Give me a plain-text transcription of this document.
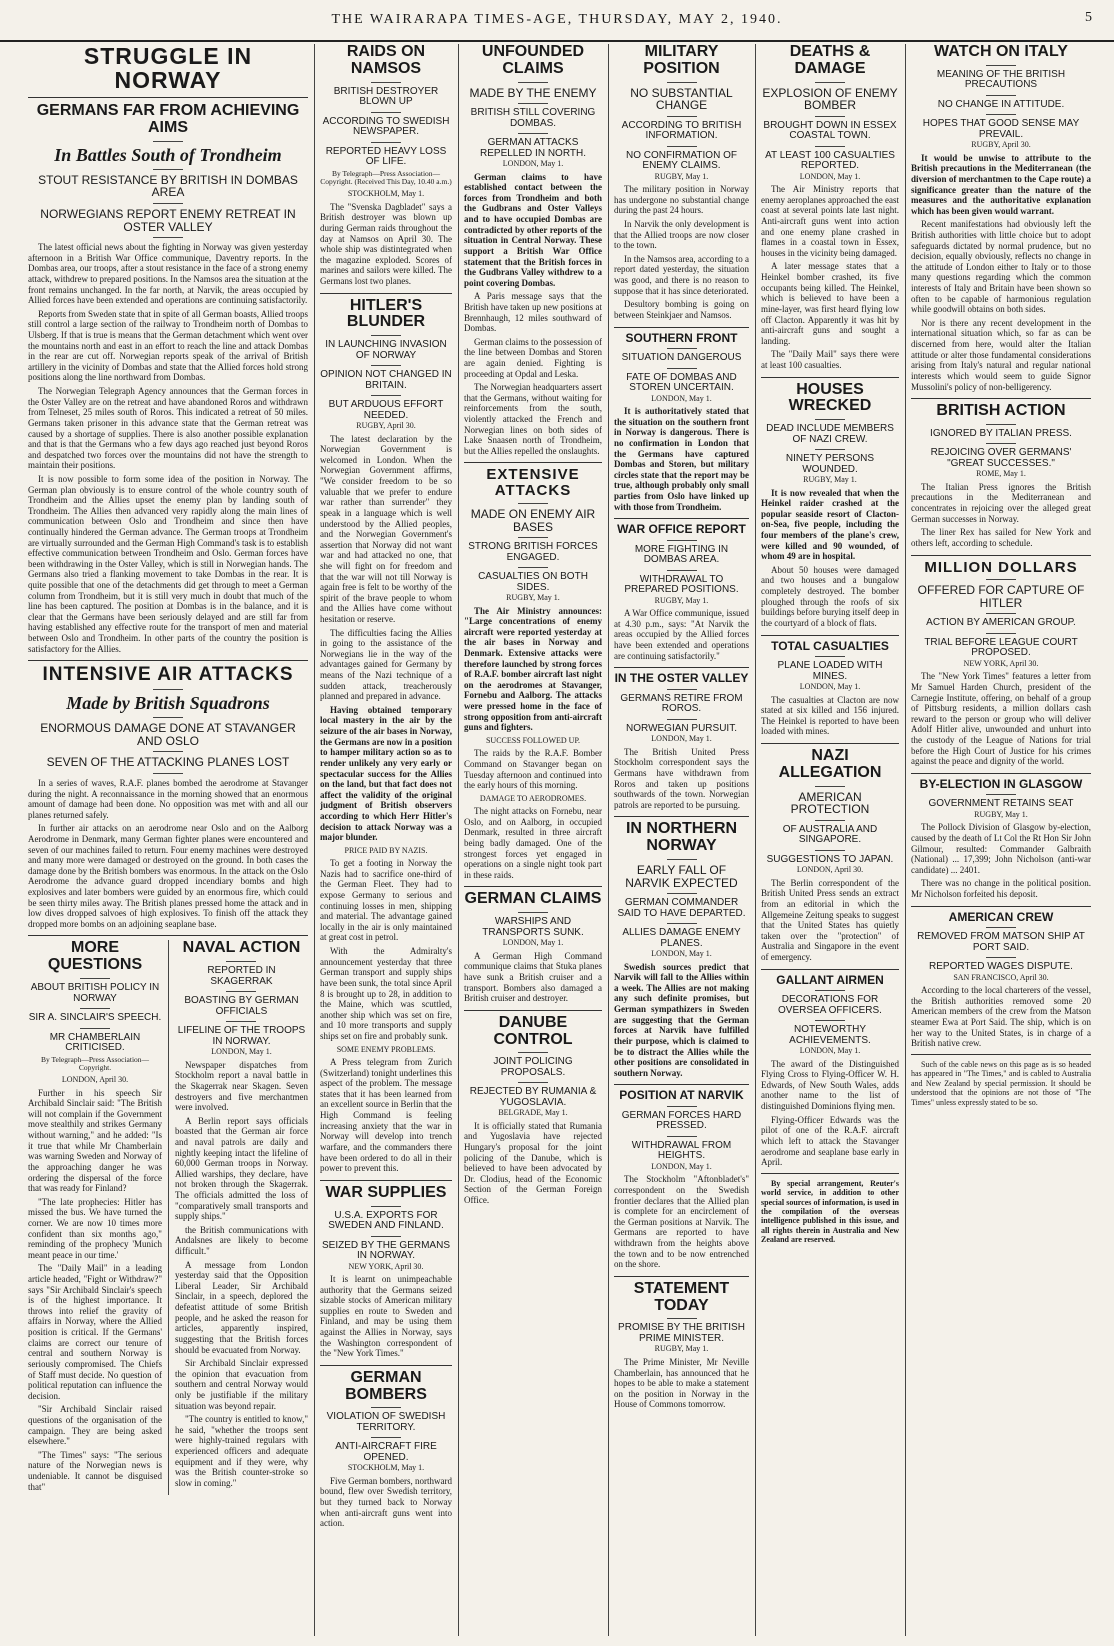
THE WAIRARAPA TIMES-AGE, THURSDAY, MAY 2, 1940.	5
STRUGGLE IN NORWAY
GERMANS FAR FROM ACHIEVING AIMS
In Battles South of Trondheim
STOUT RESISTANCE BY BRITISH IN DOMBAS AREA
NORWEGIANS REPORT ENEMY RETREAT IN OSTER VALLEY

The latest official news about the fighting in Norway was given yesterday afternoon in a British War Office communique, Daventry reports. In the Dombas area, our troops, after a stout resistance in the face of a strong enemy attack, withdrew to prepared positions. In the Namsos area the situation at the front remains unchanged. In the far north, at Narvik, the areas occupied by Allied forces have been extended and operations are continuing satisfactorily.

Reports from Sweden state that in spite of all German boasts, Allied troops still control a large section of the railway to Trondheim north of Dombas to Ulsberg. If that is true is means that the German detachment which went over the mountains north and east in an effort to reach the line and attack Dombas in the rear are cut off. Norwegian reports speak of the arrival of British artillery in the vicinity of Dombas and state that the Allied forces hold strong positions along the line northward from Dombas.

The Norwegian Telegraph Agency announces that the German forces in the Oster Valley are on the retreat and have abandoned Roros and withdrawn from Telneset, 25 miles south of Roros. This indicated a retreat of 50 miles. Germans taken prisoner in this advance state that the German retreat was caused by a shortage of supplies. There is also another possible explanation and that is that the Germans who a few days ago reached just beyond Roros and despatched two forces over the mountains did not have the strength to maintain their positions.

It is now possible to form some idea of the position in Norway. The German plan obviously is to ensure control of the whole country south of Trondheim and the Allies upset the enemy plan by landing south of Trondheim. The Allies then advanced very rapidly along the main lines of communication between Oslo and Trondheim and since then have continually hindered the German advance. The German troops at Trondheim are virtually surrounded and the German High Command's task is to establish effective communication between Trondheim and Oslo. German forces have been withdrawing in the Oster Valley, which is still in Norwegian hands. The Germans also tried a flanking movement to take Dombas in the rear. It is quite possible that one of the detachments did get through to meet a German column from Trondheim, but it is still very much in doubt that much of the line has been captured. The position at Dombas is in the balance, and it is clear that the Germans have been seriously delayed and are still far from having established any effective route for the transport of men and material between Oslo and Trondheim. In other parts of the country the position is satisfactory for the Allies.

INTENSIVE AIR ATTACKS
Made by British Squadrons
ENORMOUS DAMAGE DONE AT STAVANGER AND OSLO
SEVEN OF THE ATTACKING PLANES LOST

In a series of waves, R.A.F. planes bombed the aerodrome at Stavanger during the night. A reconnaissance in the morning showed that an enormous amount of damage had been done. No opposition was met with and all our planes returned safely.

In further air attacks on an aerodrome near Oslo and on the Aalborg Aerodrome in Denmark, many German fighter planes were encountered and seven of our machines failed to return. Four enemy machines were destroyed and many more were damaged or destroyed on the ground. In both cases the damage done by the British bombers was enormous. In the attack on the Oslo Aerodrome the advance guard dropped incendiary bombs and high explosives and later bombers were guided by an enormous fire, which could be seen thirty miles away. The British planes pressed home the attack and in low dives dropped salvoes of high explosives. To finish off the attack they dropped more bombs on an adjoining seaplane base.

MORE QUESTIONS
ABOUT BRITISH POLICY IN NORWAY
SIR A. SINCLAIR'S SPEECH.
MR CHAMBERLAIN CRITICISED.

By Telegraph—Press Association—Copyright.

LONDON, April 30.

Further in his speech Sir Archibald Sinclair said: "The British will not complain if the Government move stealthily and strikes Germany without warning," and he added: "Is it true that while Mr Chamberlain was warning Sweden and Norway of the approaching danger he was ordering the dispersal of the force that was ready for Finland?

"The late prophecies: Hitler has missed the bus. We have turned the corner. We are now 10 times more confident than six months ago," reminding of the prophecy 'Munich meant peace in our time.'

The "Daily Mail" in a leading article headed, "Fight or Withdraw?" says "Sir Archibald Sinclair's speech is of the highest importance. It throws into relief the gravity of affairs in Norway, where the Allied position is critical. If the Germans' claims are correct our tenure of central and southern Norway is seriously compromised. The Chiefs of Staff must decide. No question of political reputation can influence the decision.

"Sir Archibald Sinclair raised questions of the organisation of the campaign. They are being asked elsewhere."

"The Times" says: "The serious nature of the Norwegian news is undeniable. It cannot be disguised that"

NAVAL ACTION
REPORTED IN SKAGERRAK
BOASTING BY GERMAN OFFICIALS
LIFELINE OF THE TROOPS IN NORWAY.

LONDON, May 1.

Newspaper dispatches from Stockholm report a naval battle in the Skagerrak near Skagen. Seven destroyers and five merchantmen were involved.

A Berlin report says officials boasted that the German air force and naval patrols are daily and nightly keeping intact the lifeline of 60,000 German troops in Norway. Allied warships, they declare, have not broken through the Skagerrak. The officials admitted the loss of "comparatively small transports and supply ships."

the British communications with Andalsnes are likely to become difficult."

A message from London yesterday said that the Opposition Liberal Leader, Sir Archibald Sinclair, in a speech, deplored the defeatist attitude of some British people, and he asked the reason for articles, apparently inspired, suggesting that the British forces should be evacuated from Norway.

Sir Archibald Sinclair expressed the opinion that evacuation from southern and central Norway would only be justifiable if the military situation was beyond repair.

"The country is entitled to know," he said, "whether the troops sent were highly-trained regulars with experienced officers and adequate equipment and if they were, why was the British counter-stroke so slow in coming."

RAIDS ON NAMSOS
BRITISH DESTROYER BLOWN UP
ACCORDING TO SWEDISH NEWSPAPER.
REPORTED HEAVY LOSS OF LIFE.

By Telegraph—Press Association—Copyright. (Received This Day, 10.40 a.m.)

STOCKHOLM, May 1.

The "Svenska Dagbladet" says a British destroyer was blown up during German raids throughout the day at Namsos on April 30. The whole ship was distintegrated when the magazine exploded. Scores of marines and sailors were killed. The Germans lost two planes.

HITLER'S BLUNDER
IN LAUNCHING INVASION OF NORWAY
OPINION NOT CHANGED IN BRITAIN.
BUT ARDUOUS EFFORT NEEDED.

RUGBY, April 30.

The latest declaration by the Norwegian Government is welcomed in London. When the Norwegian Government affirms, "We consider freedom to be so valuable that we prefer to endure war rather than surrender" they speak in a language which is well understood by the Allied peoples, and the Norwegian Government's assertion that Norway did not want war and had attacked no one, that she will fight on for freedom and that the war will not till Norway is again free is felt to be worthy of the spirit of the brave people to whom and the Allies have come without hesitation or reserve.

The difficulties facing the Allies in going to the assistance of the Norwegians lie in the way of the advantages gained for Germany by means of the Nazi technique of a sudden attack, treacherously planned and prepared in advance.

Having obtained temporary local mastery in the air by the seizure of the air bases in Norway, the Germans are now in a position to hamper military action so as to render unlikely any very early or spectacular success for the Allies on the land, but that fact does not affect the validity of the original judgment of British observers according to which Herr Hitler's decision to attack Norway was a major blunder.

PRICE PAID BY NAZIS.

To get a footing in Norway the Nazis had to sacrifice one-third of the German Fleet. They had to expose Germany to serious and continuing losses in men, shipping and material. The advantage gained locally in the air is only maintained at great cost in petrol.

With the Admiralty's announcement yesterday that three German transport and supply ships have been sunk, the total since April 8 is brought up to 28, in addition to the Maine, which was scuttled, another ship which was set on fire, and 10 more transports and supply ships set on fire and probably sunk.

SOME ENEMY PROBLEMS.

A Press telegram from Zurich (Switzerland) tonight underlines this aspect of the problem. The message states that it has been learned from an excellent source in Berlin that the High Command is feeling increasing anxiety that the war in Norway will develop into trench warfare, and the commanders there have been ordered to do all in their power to prevent this.

WAR SUPPLIES
U.S.A. EXPORTS FOR SWEDEN AND FINLAND.
SEIZED BY THE GERMANS IN NORWAY.

NEW YORK, April 30.

It is learnt on unimpeachable authority that the Germans seized sizable stocks of American military supplies en route to Sweden and Finland, and may be using them against the Allies in Norway, says the Washington correspondent of the "New York Times."

GERMAN BOMBERS
VIOLATION OF SWEDISH TERRITORY.
ANTI-AIRCRAFT FIRE OPENED.

STOCKHOLM, May 1.

Five German bombers, northward bound, flew over Swedish territory, but they turned back to Norway when anti-aircraft guns went into action.

UNFOUNDED CLAIMS
MADE BY THE ENEMY
BRITISH STILL COVERING DOMBAS.
GERMAN ATTACKS REPELLED IN NORTH.

LONDON, May 1.

German claims to have established contact between the forces from Trondheim and both the Gudbrans and Oster Valleys and to have occupied Dombas are contradicted by other reports of the situation in Central Norway. These support a British War Office statement that the British forces in the Gudbrans Valley withdrew to a point covering Dombas.

A Paris message says that the British have taken up new positions at Brennhaugh, 12 miles southward of Dombas.

German claims to the possession of the line between Dombas and Storen are again denied. Fighting is proceeding at Opdal and Leska.

The Norwegian headquarters assert that the Germans, without waiting for reinforcements from the south, violently attacked the French and Norwegian lines on both sides of Lake Snaasen north of Trondheim, but the Allies repelled the onslaughts.

EXTENSIVE ATTACKS
MADE ON ENEMY AIR BASES
STRONG BRITISH FORCES ENGAGED.
CASUALTIES ON BOTH SIDES.

RUGBY, May 1.

The Air Ministry announces: "Large concentrations of enemy aircraft were reported yesterday at the air bases in Norway and Denmark. Extensive attacks were therefore launched by strong forces of R.A.F. bomber aircraft last night on the aerodromes at Stavanger, Fornebu and Aalborg. The attacks were pressed home in the face of strong opposition from anti-aircraft guns and fighters.

SUCCESS FOLLOWED UP.

The raids by the R.A.F. Bomber Command on Stavanger began on Tuesday afternoon and continued into the early hours of this morning.

DAMAGE TO AERODROMES.

The night attacks on Fornebu, near Oslo, and on Aalborg, in occupied Denmark, resulted in three aircraft being badly damaged. One of the strongest forces yet engaged in operations on a single night took part in these raids.

GERMAN CLAIMS
WARSHIPS AND TRANSPORTS SUNK.

LONDON, May 1.

A German High Command communique claims that Stuka planes have sunk a British cruiser and a transport. Bombers also damaged a British cruiser and destroyer.

DANUBE CONTROL
JOINT POLICING PROPOSALS.
REJECTED BY RUMANIA & YUGOSLAVIA.

BELGRADE, May 1.

It is officially stated that Rumania and Yugoslavia have rejected Hungary's proposal for the joint policing of the Danube, which is believed to have been advocated by Dr. Clodius, head of the Economic Section of the German Foreign Office.

MILITARY POSITION
NO SUBSTANTIAL CHANGE
ACCORDING TO BRITISH INFORMATION.
NO CONFIRMATION OF ENEMY CLAIMS.

RUGBY, May 1.

The military position in Norway has undergone no substantial change during the past 24 hours.

In Narvik the only development is that the Allied troops are now closer to the town.

In the Namsos area, according to a report dated yesterday, the situation was good, and there is no reason to suppose that it has since deteriorated.

Desultory bombing is going on between Steinkjaer and Namsos.

SOUTHERN FRONT
SITUATION DANGEROUS
FATE OF DOMBAS AND STOREN UNCERTAIN.

LONDON, May 1.

It is authoritatively stated that the situation on the southern front in Norway is dangerous. There is no confirmation in London that the Germans have captured Dombas and Storen, but military circles state that the report may be true, although probably only small parties from Oslo have linked up with those from Trondheim.

WAR OFFICE REPORT
MORE FIGHTING IN DOMBAS AREA.
WITHDRAWAL TO PREPARED POSITIONS.

RUGBY, May 1.

A War Office communique, issued at 4.30 p.m., says: "At Narvik the areas occupied by the Allied forces have been extended and operations are continuing satisfactorily."

IN THE OSTER VALLEY
GERMANS RETIRE FROM ROROS.
NORWEGIAN PURSUIT.

LONDON, May 1.

The British United Press Stockholm correspondent says the Germans have withdrawn from Roros and taken up positions southwards of the town. Norwegian patrols are reported to be pursuing.

IN NORTHERN NORWAY
EARLY FALL OF NARVIK EXPECTED
GERMAN COMMANDER SAID TO HAVE DEPARTED.
ALLIES DAMAGE ENEMY PLANES.

LONDON, May 1.

Swedish sources predict that Narvik will fall to the Allies within a week. The Allies are not making any such definite promises, but German sympathizers in Sweden are suggesting that the German forces at Narvik have fulfilled their purpose, which is claimed to be to distract the Allies while the other positions are consolidated in southern Norway.

POSITION AT NARVIK
GERMAN FORCES HARD PRESSED.
WITHDRAWAL FROM HEIGHTS.

LONDON, May 1.

The Stockholm "Aftonbladet's" correspondent on the Swedish frontier declares that the Allied plan is complete for an encirclement of the German positions at Narvik. The Germans are reported to have withdrawn from the heights above the town and to be now entrenched on the shore.

STATEMENT TODAY
PROMISE BY THE BRITISH PRIME MINISTER.

RUGBY, May 1.

The Prime Minister, Mr Neville Chamberlain, has announced that he hopes to be able to make a statement on the position in Norway in the House of Commons tomorrow.

DEATHS & DAMAGE
EXPLOSION OF ENEMY BOMBER
BROUGHT DOWN IN ESSEX COASTAL TOWN.
AT LEAST 100 CASUALTIES REPORTED.

LONDON, May 1.

The Air Ministry reports that enemy aeroplanes approached the east coast at several points late last night. Anti-aircraft guns went into action and one enemy plane crashed in flames in a coastal town in Essex, houses in the vicinity being damaged.

A later message states that a Heinkel bomber crashed, its five occupants being killed. The Heinkel, which is believed to have been a mine-layer, was first heard flying low off Clacton. Apparently it was hit by anti-aircraft guns and sought a landing.

The "Daily Mail" says there were at least 100 casualties.

HOUSES WRECKED
DEAD INCLUDE MEMBERS OF NAZI CREW.
NINETY PERSONS WOUNDED.

RUGBY, May 1.

It is now revealed that when the Heinkel raider crashed at the popular seaside resort of Clacton-on-Sea, five people, including the four members of the plane's crew, were killed and 90 wounded, of whom 49 are in hospital.

About 50 houses were damaged and two houses and a bungalow completely destroyed. The bomber ploughed through the roofs of six buildings before burying itself deep in the courtyard of a block of flats.

TOTAL CASUALTIES
PLANE LOADED WITH MINES.

LONDON, May 1.

The casualties at Clacton are now stated at six killed and 156 injured. The Heinkel is reported to have been loaded with mines.

NAZI ALLEGATION
AMERICAN PROTECTION
OF AUSTRALIA AND SINGAPORE.
SUGGESTIONS TO JAPAN.

LONDON, April 30.

The Berlin correspondent of the British United Press sends an extract from an editorial in which the Allgemeine Zeitung speaks to suggest that the United States has quietly taken over the "protection" of Australia and Singapore in the event of emergency.

GALLANT AIRMEN
DECORATIONS FOR OVERSEA OFFICERS.
NOTEWORTHY ACHIEVEMENTS.

LONDON, May 1.

The award of the Distinguished Flying Cross to Flying-Officer W. H. Edwards, of New South Wales, adds another name to the list of distinguished Dominions flying men.

Flying-Officer Edwards was the pilot of one of the R.A.F. aircraft which left to attack the Stavanger aerodrome and seaplane base early in April.

By special arrangement, Reuter's world service, in addition to other special sources of information, is used in the compilation of the overseas intelligence published in this issue, and all rights therein in Australia and New Zealand are reserved.

WATCH ON ITALY
MEANING OF THE BRITISH PRECAUTIONS
NO CHANGE IN ATTITUDE.
HOPES THAT GOOD SENSE MAY PREVAIL.

RUGBY, April 30.

It would be unwise to attribute to the British precautions in the Mediterranean (the diversion of merchantmen to the Cape route) a significance greater than the nature of the measures and the authoritative explanation which has been given would warrant.

Recent manifestations had obviously left the British authorities with little choice but to adopt safeguards dictated by normal prudence, but no decision, equally obviously, reflects no change in the attitude of London either to Italy or to those many questions regarding which the common interests of Italy and Britain have been shown so often to be capable of harmonious regulation while goodwill obtains on both sides.

Nor is there any recent development in the international situation which, so far as can be discerned from here, would alter the Italian attitude or alter those fundamental considerations arising from Italy's natural and regular national interests which would seem to guide Signor Mussolini's policy of non-belligerency.

BRITISH ACTION
IGNORED BY ITALIAN PRESS.
REJOICING OVER GERMANS' "GREAT SUCCESSES."

ROME, May 1.

The Italian Press ignores the British precautions in the Mediterranean and concentrates in rejoicing over the alleged great German successes in Norway.

The liner Rex has sailed for New York and others left, according to schedule.

MILLION DOLLARS
OFFERED FOR CAPTURE OF HITLER
ACTION BY AMERICAN GROUP.
TRIAL BEFORE LEAGUE COURT PROPOSED.

NEW YORK, April 30.

The "New York Times" features a letter from Mr Samuel Harden Church, president of the Carnegie Institute, offering, on behalf of a group of Pittsburg residents, a million dollars cash reward to the person or group who will deliver Adolf Hitler alive, unwounded and unhurt into the custody of the League of Nations for trial before the High Court of Justice for his crimes against the peace and dignity of the world.

BY-ELECTION IN GLASGOW
GOVERNMENT RETAINS SEAT

RUGBY, May 1.

The Pollock Division of Glasgow by-election, caused by the death of Lt Col the Rt Hon Sir John Gilmour, resulted: Commander Galbraith (National) ... 17,399; John Nicholson (anti-war candidate) ... 2401.

There was no change in the political position. Mr Nicholson forfeited his deposit.

AMERICAN CREW
REMOVED FROM MATSON SHIP AT PORT SAID.
REPORTED WAGES DISPUTE.

SAN FRANCISCO, April 30.

According to the local charterers of the vessel, the British authorities removed some 20 American members of the crew from the Matson steamer Ewa at Port Said. The ship, which is on her way to the United States, is in charge of a British native crew.

Such of the cable news on this page as is so headed has appeared in "The Times," and is cabled to Australia and New Zealand by special permission. It should be understood that the opinions are not those of "The Times" unless expressly stated to be so.
